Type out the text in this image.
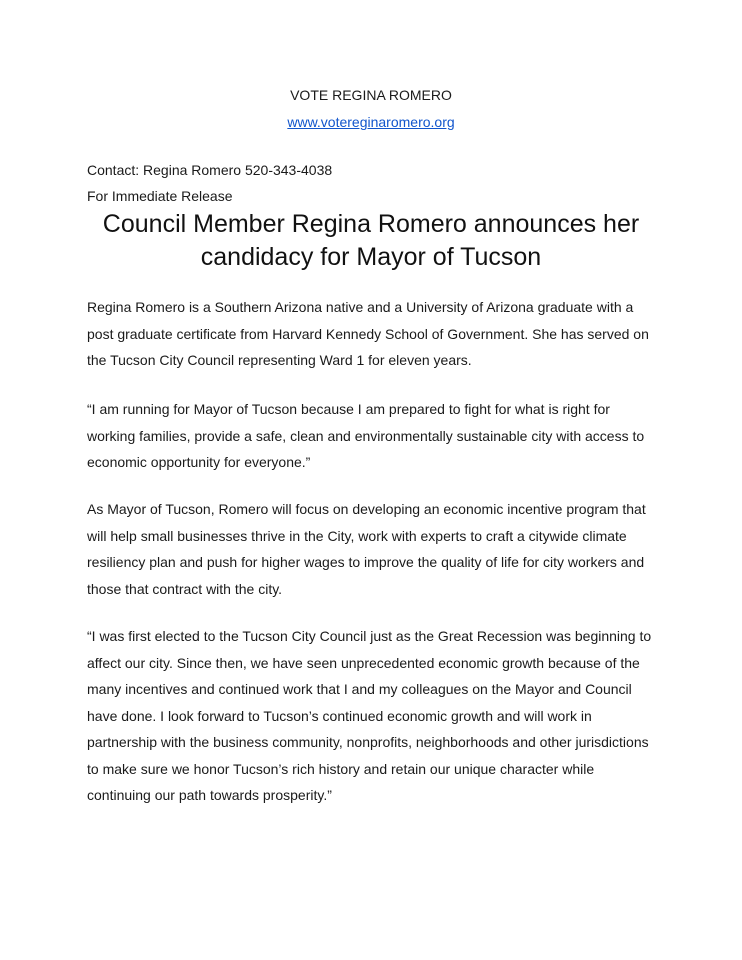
VOTE REGINA ROMERO
www.votereginaromero.org
Contact: Regina Romero 520-343-4038
For Immediate Release
Council Member Regina Romero announces her candidacy for Mayor of Tucson

Regina Romero is a Southern Arizona native and a University of Arizona graduate with a post graduate certificate from Harvard Kennedy School of Government. She has served on the Tucson City Council representing Ward 1 for eleven years.

“I am running for Mayor of Tucson because I am prepared to fight for what is right for working families, provide a safe, clean and environmentally sustainable city with access to economic opportunity for everyone.”

As Mayor of Tucson, Romero will focus on developing an economic incentive program that will help small businesses thrive in the City, work with experts to craft a citywide climate resiliency plan and push for higher wages to improve the quality of life for city workers and those that contract with the city.

“I was first elected to the Tucson City Council just as the Great Recession was beginning to affect our city. Since then, we have seen unprecedented economic growth because of the many incentives and continued work that I and my colleagues on the Mayor and Council have done. I look forward to Tucson’s continued economic growth and will work in partnership with the business community, nonprofits, neighborhoods and other jurisdictions to make sure we honor Tucson’s rich history and retain our unique character while continuing our path towards prosperity.”
